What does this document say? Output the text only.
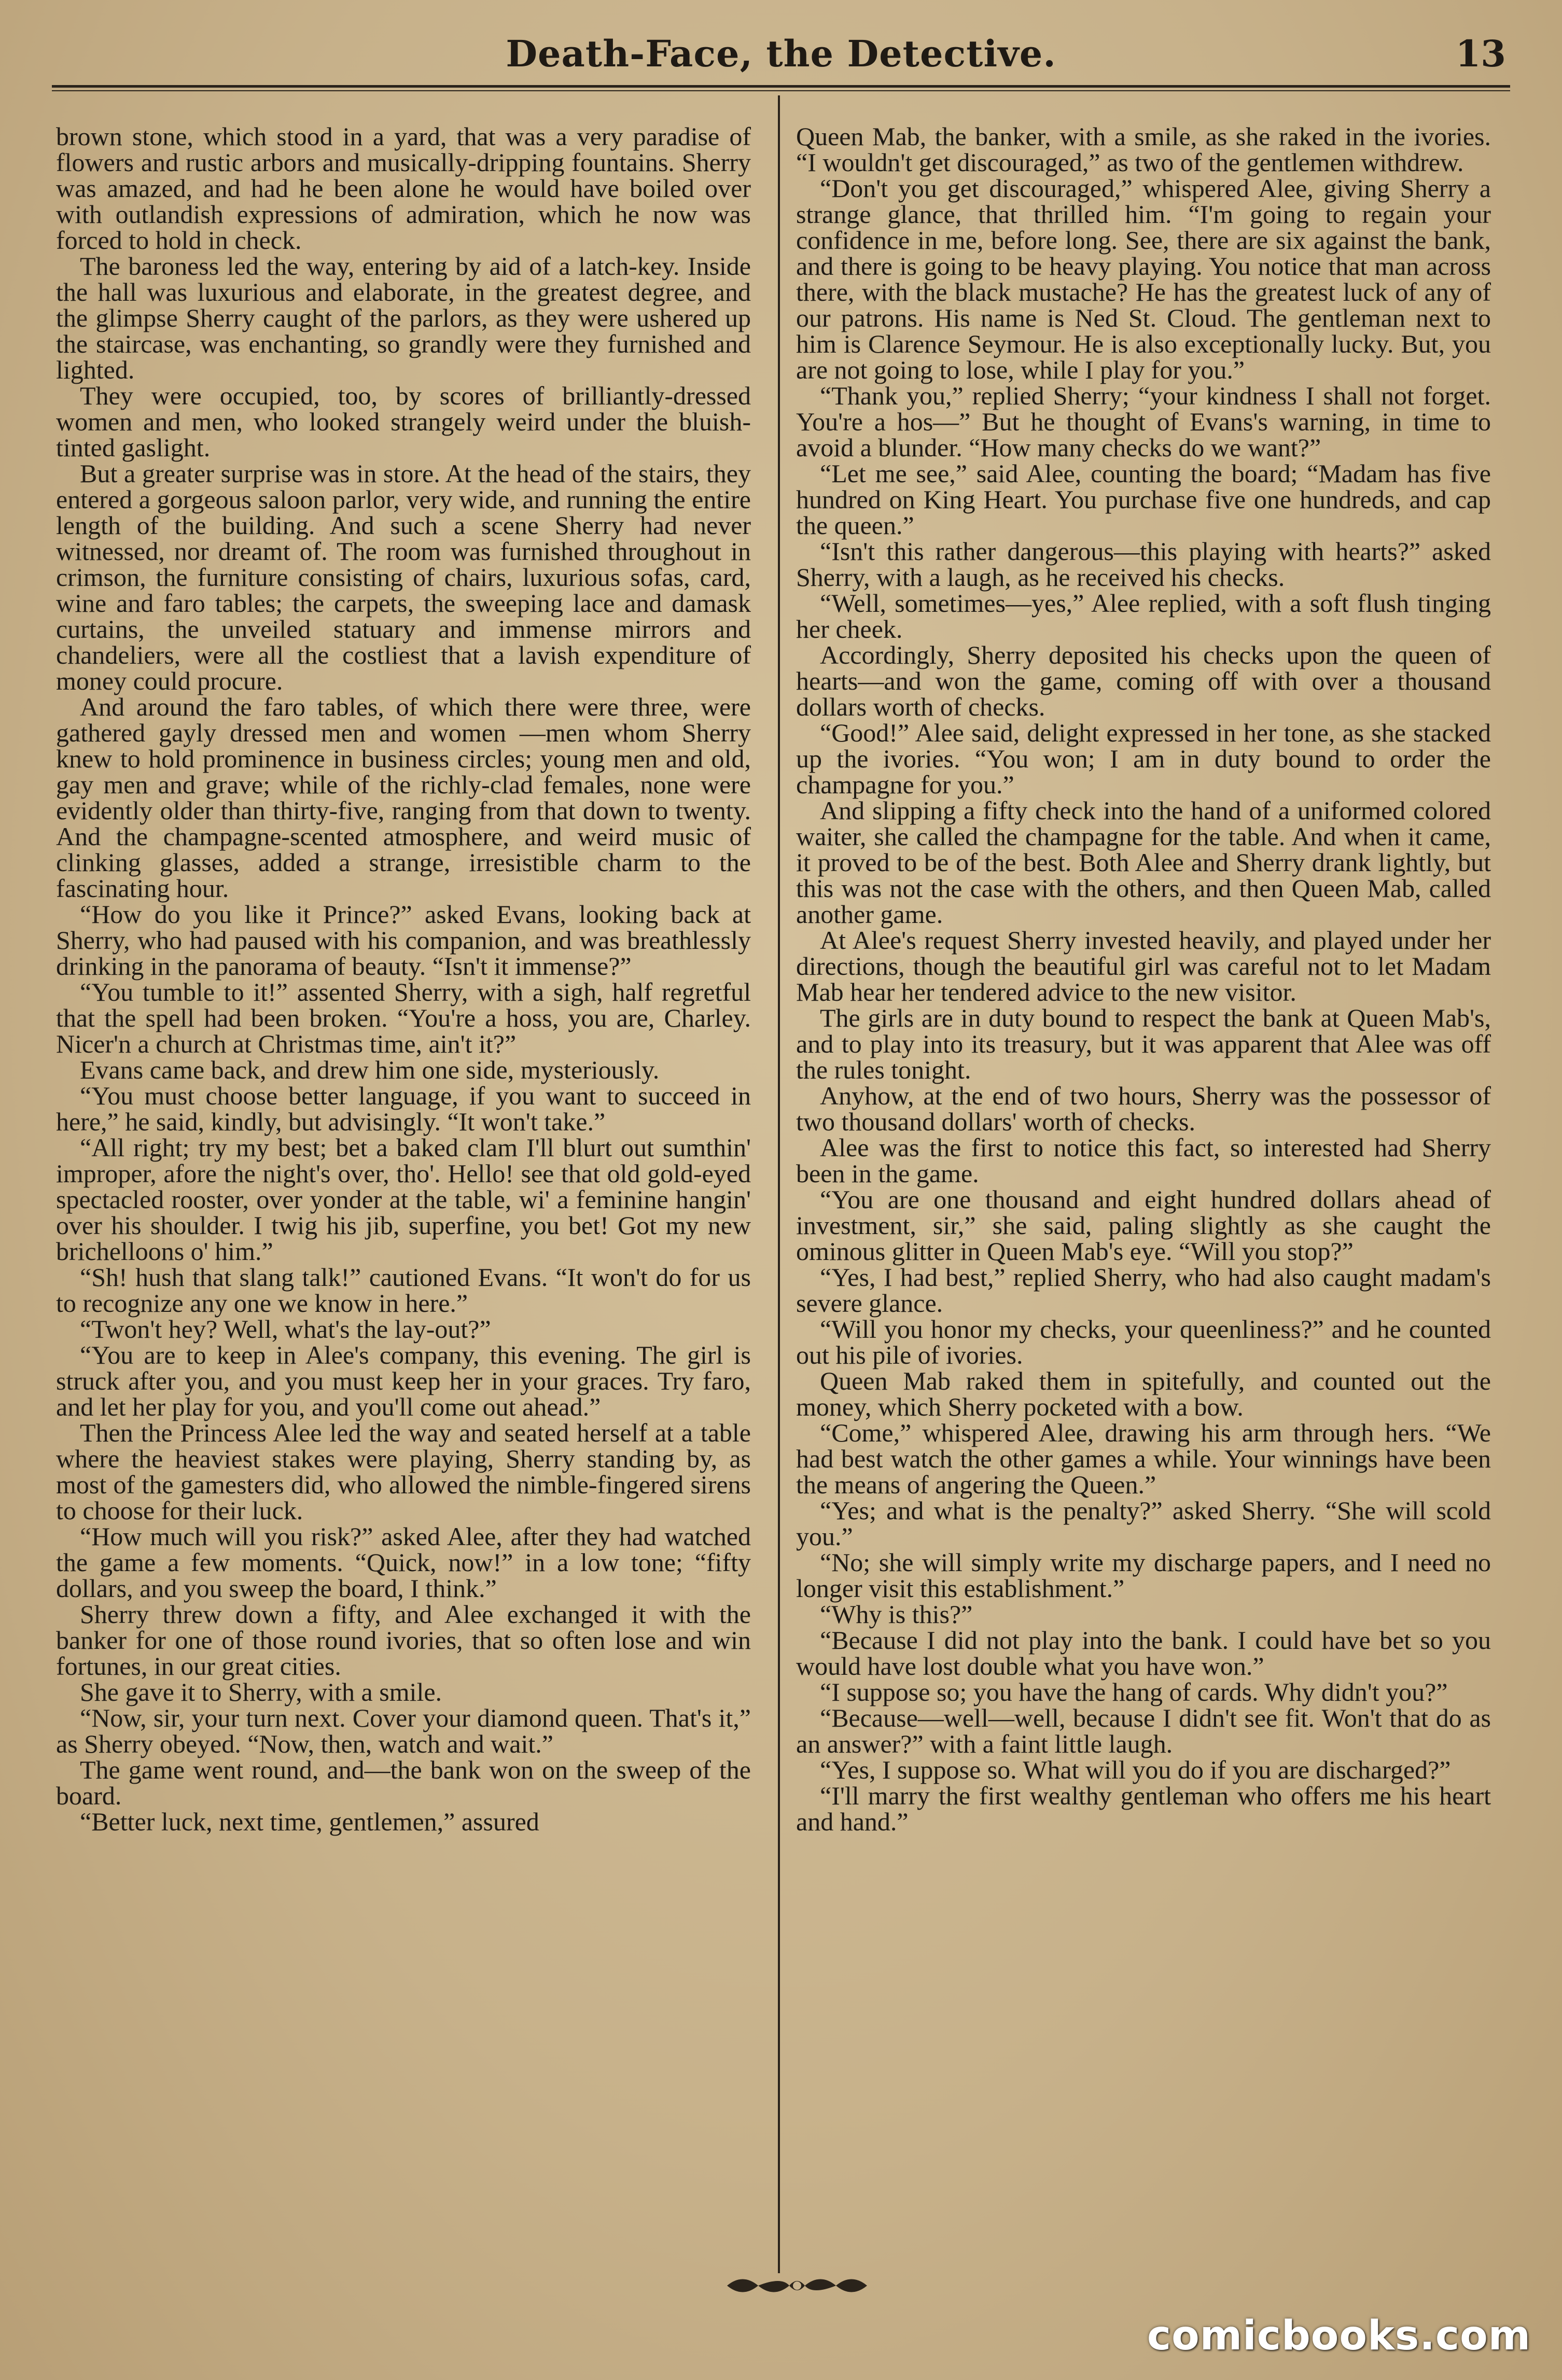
Death-Face, the Detective.	13

brown stone, which stood in a yard, that was a very paradise of flowers and rustic arbors and musically-dripping fountains. Sherry was amazed, and had he been alone he would have boiled over with outlandish expressions of admiration, which he now was forced to hold in check.

The baroness led the way, entering by aid of a latch-key. Inside the hall was luxurious and elaborate, in the greatest degree, and the glimpse Sherry caught of the parlors, as they were ushered up the staircase, was enchanting, so grandly were they furnished and lighted.

They were occupied, too, by scores of brilliantly-dressed women and men, who looked strangely weird under the bluish-tinted gaslight.

But a greater surprise was in store. At the head of the stairs, they entered a gorgeous saloon parlor, very wide, and running the entire length of the building. And such a scene Sherry had never witnessed, nor dreamt of. The room was furnished throughout in crimson, the furniture consisting of chairs, luxurious sofas, card, wine and faro tables; the carpets, the sweeping lace and damask curtains, the unveiled statuary and immense mirrors and chandeliers, were all the costliest that a lavish expenditure of money could procure.

And around the faro tables, of which there were three, were gathered gayly dressed men and women —men whom Sherry knew to hold prominence in business circles; young men and old, gay men and grave; while of the richly-clad females, none were evidently older than thirty-five, ranging from that down to twenty. And the champagne-scented atmosphere, and weird music of clinking glasses, added a strange, irresistible charm to the fascinating hour.

“How do you like it Prince?” asked Evans, looking back at Sherry, who had paused with his companion, and was breathlessly drinking in the panorama of beauty. “Isn't it immense?”

“You tumble to it!” assented Sherry, with a sigh, half regretful that the spell had been broken. “You're a hoss, you are, Charley. Nicer'n a church at Christmas time, ain't it?”

Evans came back, and drew him one side, mysteriously.

“You must choose better language, if you want to succeed in here,” he said, kindly, but advisingly. “It won't take.”

“All right; try my best; bet a baked clam I'll blurt out sumthin' improper, afore the night's over, tho'. Hello! see that old gold-eyed spectacled rooster, over yonder at the table, wi' a feminine hangin' over his shoulder. I twig his jib, superfine, you bet! Got my new brichelloons o' him.”

“Sh! hush that slang talk!” cautioned Evans. “It won't do for us to recognize any one we know in here.”

“Twon't hey? Well, what's the lay-out?”

“You are to keep in Alee's company, this evening. The girl is struck after you, and you must keep her in your graces. Try faro, and let her play for you, and you'll come out ahead.”

Then the Princess Alee led the way and seated herself at a table where the heaviest stakes were playing, Sherry standing by, as most of the gamesters did, who allowed the nimble-fingered sirens to choose for their luck.

“How much will you risk?” asked Alee, after they had watched the game a few moments. “Quick, now!” in a low tone; “fifty dollars, and you sweep the board, I think.”

Sherry threw down a fifty, and Alee exchanged it with the banker for one of those round ivories, that so often lose and win fortunes, in our great cities.

She gave it to Sherry, with a smile.

“Now, sir, your turn next. Cover your diamond queen. That's it,” as Sherry obeyed. “Now, then, watch and wait.”

The game went round, and—the bank won on the sweep of the board.

“Better luck, next time, gentlemen,” assured

Queen Mab, the banker, with a smile, as she raked in the ivories. “I wouldn't get discouraged,” as two of the gentlemen withdrew.

“Don't you get discouraged,” whispered Alee, giving Sherry a strange glance, that thrilled him. “I'm going to regain your confidence in me, before long. See, there are six against the bank, and there is going to be heavy playing. You notice that man across there, with the black mustache? He has the greatest luck of any of our patrons. His name is Ned St. Cloud. The gentleman next to him is Clarence Seymour. He is also exceptionally lucky. But, you are not going to lose, while I play for you.”

“Thank you,” replied Sherry; “your kindness I shall not forget. You're a hos—” But he thought of Evans's warning, in time to avoid a blunder. “How many checks do we want?”

“Let me see,” said Alee, counting the board; “Madam has five hundred on King Heart. You purchase five one hundreds, and cap the queen.”

“Isn't this rather dangerous—this playing with hearts?” asked Sherry, with a laugh, as he received his checks.

“Well, sometimes—yes,” Alee replied, with a soft flush tinging her cheek.

Accordingly, Sherry deposited his checks upon the queen of hearts—and won the game, coming off with over a thousand dollars worth of checks.

“Good!” Alee said, delight expressed in her tone, as she stacked up the ivories. “You won; I am in duty bound to order the champagne for you.”

And slipping a fifty check into the hand of a uniformed colored waiter, she called the champagne for the table. And when it came, it proved to be of the best. Both Alee and Sherry drank lightly, but this was not the case with the others, and then Queen Mab, called another game.

At Alee's request Sherry invested heavily, and played under her directions, though the beautiful girl was careful not to let Madam Mab hear her tendered advice to the new visitor.

The girls are in duty bound to respect the bank at Queen Mab's, and to play into its treasury, but it was apparent that Alee was off the rules tonight.

Anyhow, at the end of two hours, Sherry was the possessor of two thousand dollars' worth of checks.

Alee was the first to notice this fact, so interested had Sherry been in the game.

“You are one thousand and eight hundred dollars ahead of investment, sir,” she said, paling slightly as she caught the ominous glitter in Queen Mab's eye. “Will you stop?”

“Yes, I had best,” replied Sherry, who had also caught madam's severe glance.

“Will you honor my checks, your queenliness?” and he counted out his pile of ivories.

Queen Mab raked them in spitefully, and counted out the money, which Sherry pocketed with a bow.

“Come,” whispered Alee, drawing his arm through hers. “We had best watch the other games a while. Your winnings have been the means of angering the Queen.”

“Yes; and what is the penalty?” asked Sherry. “She will scold you.”

“No; she will simply write my discharge papers, and I need no longer visit this establishment.”

“Why is this?”

“Because I did not play into the bank. I could have bet so you would have lost double what you have won.”

“I suppose so; you have the hang of cards. Why didn't you?”

“Because—well—well, because I didn't see fit. Won't that do as an answer?” with a faint little laugh.

“Yes, I suppose so. What will you do if you are discharged?”

“I'll marry the first wealthy gentleman who offers me his heart and hand.”

comicbooks.com
